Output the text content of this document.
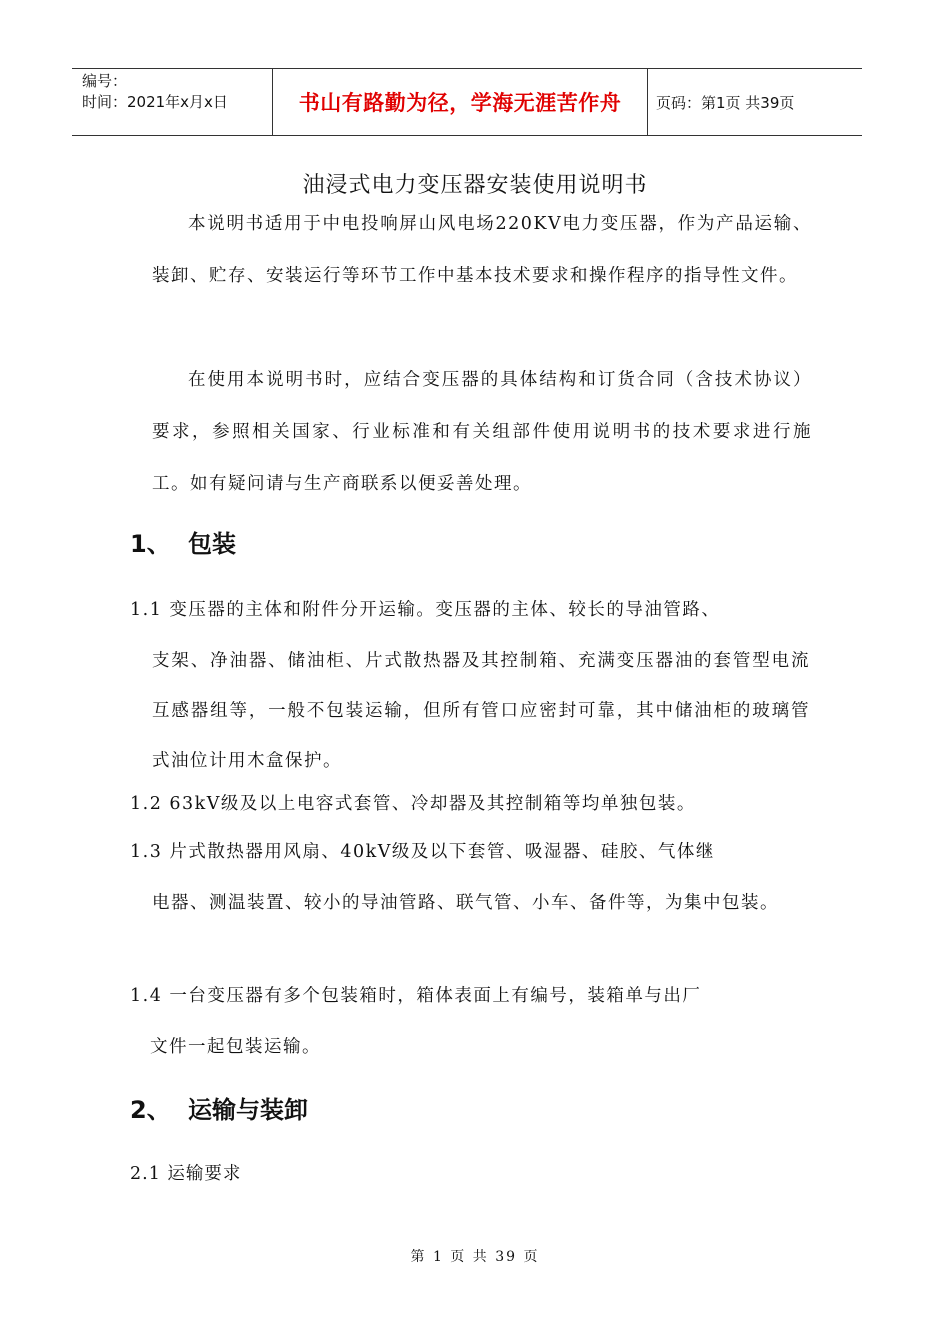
编号：
时间：2021年x月x日	书山有路勤为径，学海无涯苦作舟	页码：第1页 共39页
油浸式电力变压器安装使用说明书
本说明书适用于中电投响屏山风电场220KV电力变压器，作为产品运输、装卸、贮存、安装运行等环节工作中基本技术要求和操作程序的指导性文件。
在使用本说明书时，应结合变压器的具体结构和订货合同（含技术协议）要求，参照相关国家、行业标准和有关组部件使用说明书的技术要求进行施工。如有疑问请与生产商联系以便妥善处理。
1、 包装
1.1 变压器的主体和附件分开运输。变压器的主体、较长的导油管路、
支架、净油器、储油柜、片式散热器及其控制箱、充满变压器油的套管型电流互感器组等，一般不包装运输，但所有管口应密封可靠，其中储油柜的玻璃管式油位计用木盒保护。
1.2 63kV级及以上电容式套管、冷却器及其控制箱等均单独包装。
1.3 片式散热器用风扇、40kV级及以下套管、吸湿器、硅胶、气体继
电器、测温装置、较小的导油管路、联气管、小车、备件等，为集中包装。
1.4 一台变压器有多个包装箱时，箱体表面上有编号，装箱单与出厂
文件一起包装运输。
2、 运输与装卸
2.1 运输要求
第 1 页 共 39 页
